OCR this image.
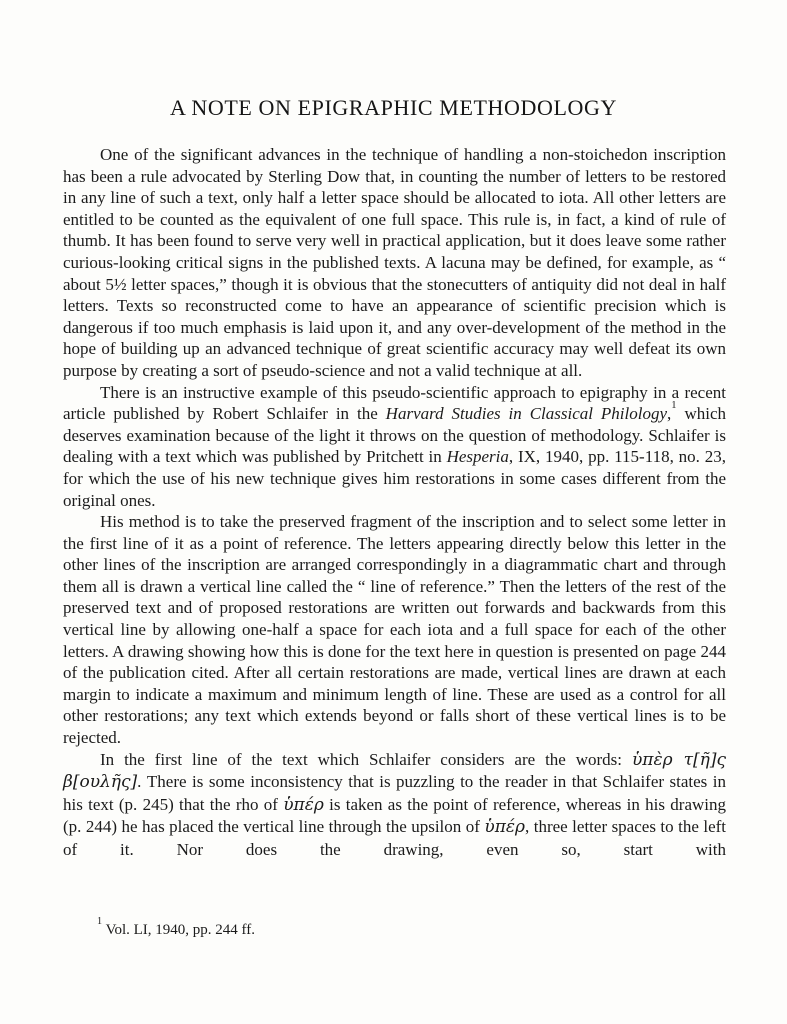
A NOTE ON EPIGRAPHIC METHODOLOGY

One of the significant advances in the technique of handling a non-stoichedon inscription has been a rule advocated by Sterling Dow that, in counting the number of letters to be restored in any line of such a text, only half a letter space should be allocated to iota. All other letters are entitled to be counted as the equivalent of one full space. This rule is, in fact, a kind of rule of thumb. It has been found to serve very well in practical application, but it does leave some rather curious-looking critical signs in the published texts. A lacuna may be defined, for example, as “ about 5½ letter spaces,” though it is obvious that the stonecutters of antiquity did not deal in half letters. Texts so reconstructed come to have an appearance of scientific precision which is dangerous if too much emphasis is laid upon it, and any over-development of the method in the hope of building up an advanced technique of great scientific accuracy may well defeat its own purpose by creating a sort of pseudo-science and not a valid technique at all.

There is an instructive example of this pseudo-scientific approach to epigraphy in a recent article published by Robert Schlaifer in the Harvard Studies in Classical Philology,$^1$ which deserves examination because of the light it throws on the question of methodology. Schlaifer is dealing with a text which was published by Pritchett in Hesperia, IX, 1940, pp. 115-118, no. 23, for which the use of his new technique gives him restorations in some cases different from the original ones.

His method is to take the preserved fragment of the inscription and to select some letter in the first line of it as a point of reference. The letters appearing directly below this letter in the other lines of the inscription are arranged correspondingly in a diagrammatic chart and through them all is drawn a vertical line called the “ line of reference.” Then the letters of the rest of the preserved text and of proposed restorations are written out forwards and backwards from this vertical line by allowing one-half a space for each iota and a full space for each of the other letters. A drawing showing how this is done for the text here in question is presented on page 244 of the publication cited. After all certain restorations are made, vertical lines are drawn at each margin to indicate a maximum and minimum length of line. These are used as a control for all other restorations; any text which extends beyond or falls short of these vertical lines is to be rejected.

In the first line of the text which Schlaifer considers are the words: ὑπὲρ τ[ῆ]ς β[ουλῆς]. There is some inconsistency that is puzzling to the reader in that Schlaifer states in his text (p. 245) that the rho of ὑπέρ is taken as the point of reference, whereas in his drawing (p. 244) he has placed the vertical line through the upsilon of ὑπέρ, three letter spaces to the left of it. Nor does the drawing, even so, start with

$^1$ Vol. LI, 1940, pp. 244 ff.
